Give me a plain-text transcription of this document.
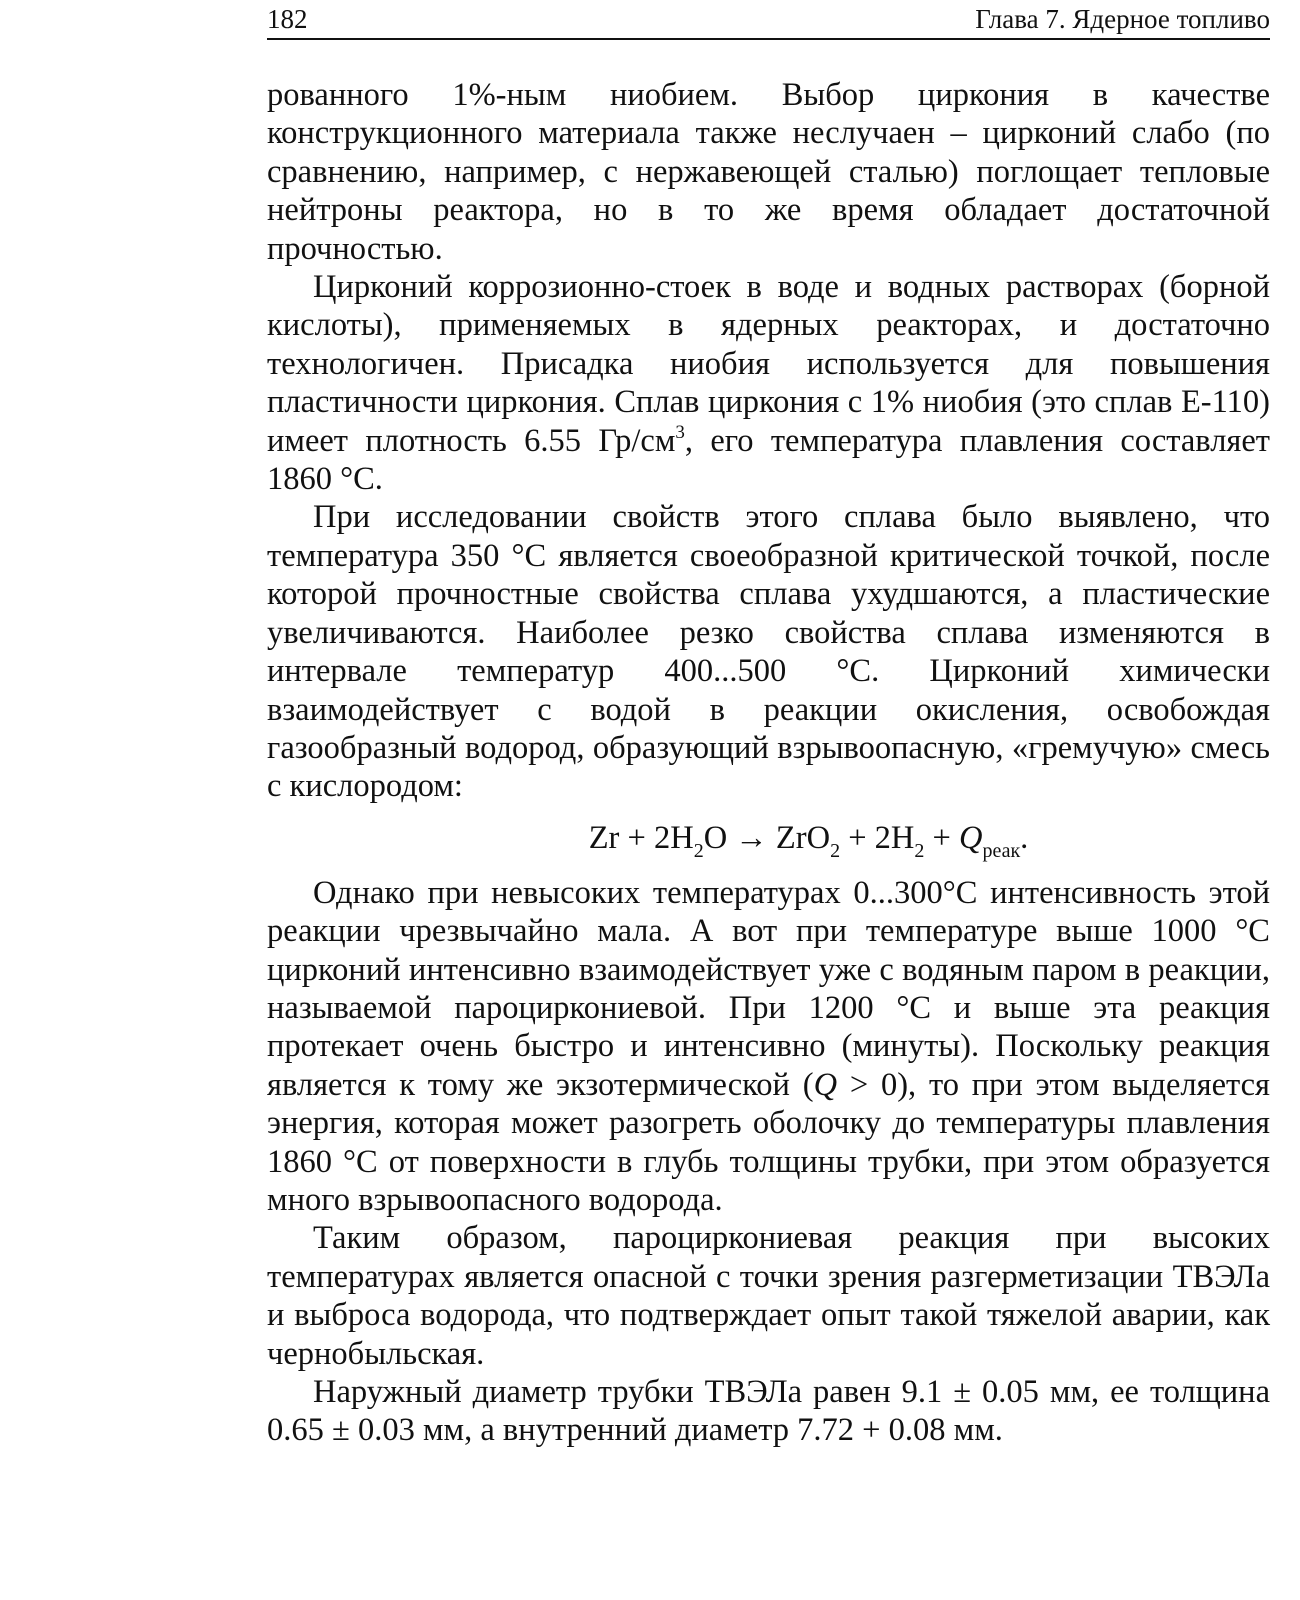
182	Глава 7. Ядерное топливо

рованного 1%-ным ниобием. Выбор циркония в качестве конструкционного материала также неслучаен – цирконий слабо (по сравнению, например, с нержавеющей сталью) поглощает тепловые нейтроны реактора, но в то же время обладает достаточной прочностью.

Цирконий коррозионно-стоек в воде и водных растворах (борной кислоты), применяемых в ядерных реакторах, и достаточно технологичен. Присадка ниобия используется для повышения пластичности циркония. Сплав циркония с 1% ниобия (это сплав Е-110) имеет плотность 6.55 $Гр/см^3$, его температура плавления составляет 1860 °С.

При исследовании свойств этого сплава было выявлено, что температура 350 °С является своеобразной критической точкой, после которой прочностные свойства сплава ухудшаются, а пластические увеличиваются. Наиболее резко свойства сплава изменяются в интервале температур 400...500 °С. Цирконий химически взаимодействует с водой в реакции окисления, освобождая газообразный водород, образующий взрывоопасную, «гремучую» смесь с кислородом:

$Zr + 2H_2O \to ZrO_2 + 2H_2 + Q_{реак}$.

Однако при невысоких температурах 0...300°С интенсивность этой реакции чрезвычайно мала. А вот при температуре выше 1000 °С цирконий интенсивно взаимодействует уже с водяным паром в реакции, называемой пароциркониевой. При 1200 °С и выше эта реакция протекает очень быстро и интенсивно (минуты). Поскольку реакция является к тому же экзотермической (Q > 0), то при этом выделяется энергия, которая может разогреть оболочку до температуры плавления 1860 °С от поверхности в глубь толщины трубки, при этом образуется много взрывоопасного водорода.

Таким образом, пароциркониевая реакция при высоких температурах является опасной с точки зрения разгерметизации ТВЭЛа и выброса водорода, что подтверждает опыт такой тяжелой аварии, как чернобыльская.

Наружный диаметр трубки ТВЭЛа равен 9.1 ± 0.05 мм, ее толщина 0.65 ± 0.03 мм, а внутренний диаметр 7.72 + 0.08 мм.
